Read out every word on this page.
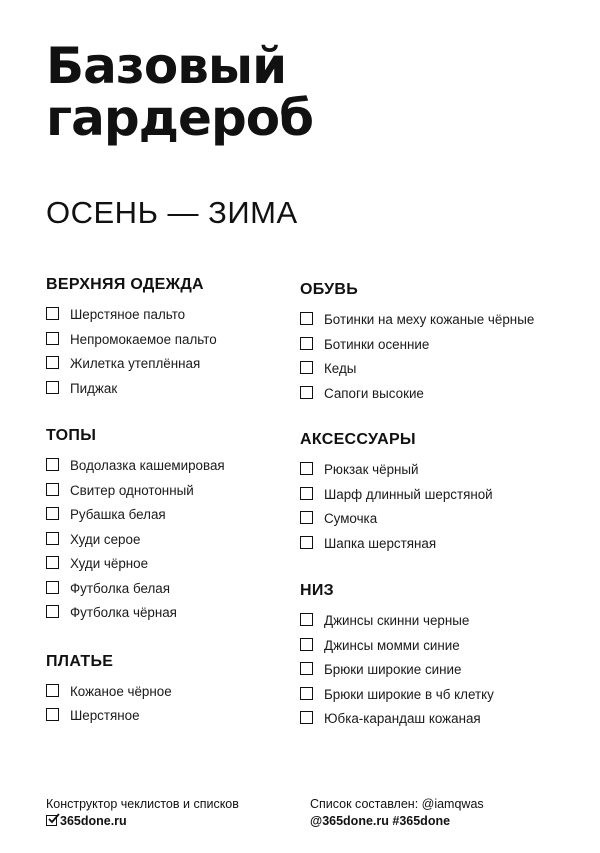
Базовый
гардероб
ОСЕНЬ — ЗИМА
ВЕРХНЯЯ ОДЕЖДА
Шерстяное пальто
Непромокаемое пальто
Жилетка утеплённая
Пиджак
ТОПЫ
Водолазка кашемировая
Свитер однотонный
Рубашка белая
Худи серое
Худи чёрное
Футболка белая
Футболка чёрная
ПЛАТЬЕ
Кожаное чёрное
Шерстяное
ОБУВЬ
Ботинки на меху кожаные чёрные
Ботинки осенние
Кеды
Сапоги высокие
АКСЕССУАРЫ
Рюкзак чёрный
Шарф длинный шерстяной
Сумочка
Шапка шерстяная
НИЗ
Джинсы скинни черные
Джинсы момми синие
Брюки широкие синие
Брюки широкие в чб клетку
Юбка-карандаш кожаная
Конструктор чеклистов и списков
365done.ru
Список составлен: @iamqwas
@365done.ru #365done
